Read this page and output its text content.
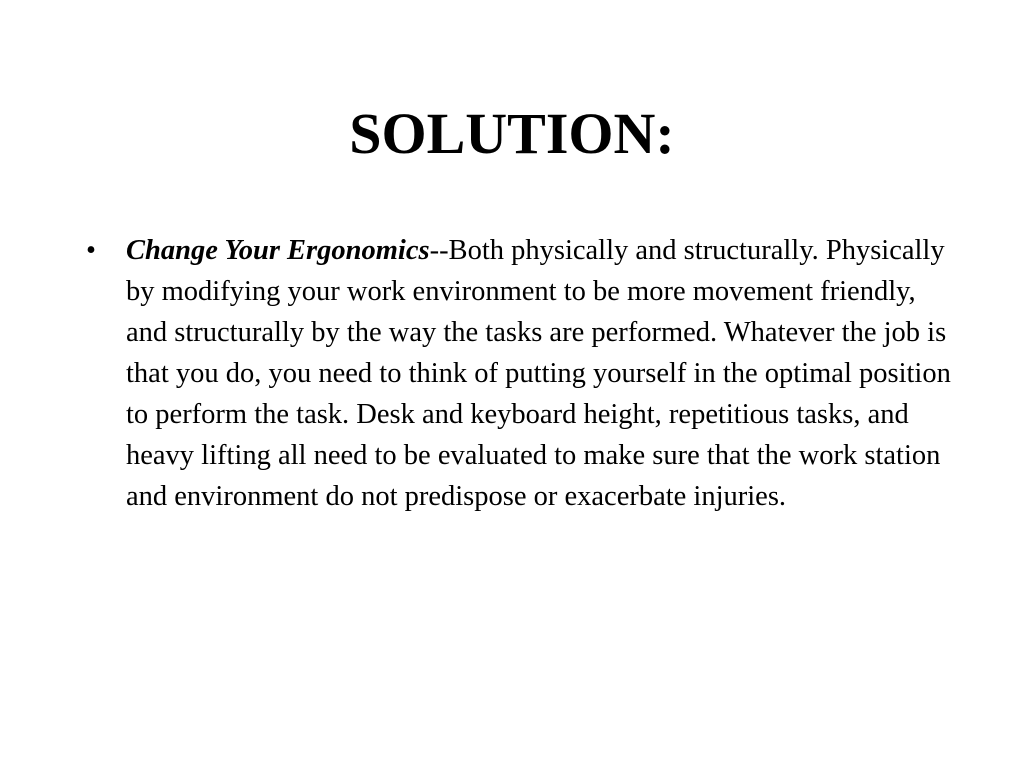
SOLUTION:
• Change Your Ergonomics--Both physically and structurally. Physically by modifying your work environment to be more movement friendly, and structurally by the way the tasks are performed. Whatever the job is that you do, you need to think of putting yourself in the optimal position to perform the task. Desk and keyboard height, repetitious tasks, and heavy lifting all need to be evaluated to make sure that the work station and environment do not predispose or exacerbate injuries.
